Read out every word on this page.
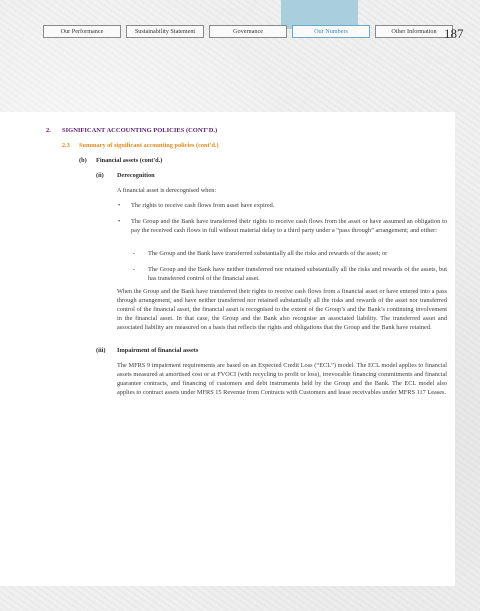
Our Performance	Sustainability Statement	Governance	Our Numbers	Other Information 187
2. SIGNIFICANT ACCOUNTING POLICIES (CONT'D.)
2.3 Summary of significant accounting policies (cont'd.)
(b) Financial assets (cont'd.)
(ii) Derecognition
A financial asset is derecognised when:
• The rights to receive cash flows from asset have expired.
• The Group and the Bank have transferred their rights to receive cash flows from the asset or have assumed an obligation to pay the received cash flows in full without material delay to a third party under a “pass through” arrangement; and either:
- The Group and the Bank have transferred substantially all the risks and rewards of the asset; or
- The Group and the Bank have neither transferred nor retained substantially all the risks and rewards of the assets, but has transferred control of the financial asset.
When the Group and the Bank have transferred their rights to receive cash flows from a financial asset or have entered into a pass through arrangement, and have neither transferred nor retained substantially all the risks and rewards of the asset nor transferred control of the financial asset, the financial asset is recognised to the extent of the Group’s and the Bank’s continuing involvement in the financial asset. In that case, the Group and the Bank also recognise an associated liability. The transferred asset and associated liability are measured on a basis that reflects the rights and obligations that the Group and the Bank have retained.
(iii) Impairment of financial assets
The MFRS 9 impairment requirements are based on an Expected Credit Loss (“ECL”) model. The ECL model applies to financial assets measured at amortised cost or at FVOCI (with recycling to profit or loss), irrevocable financing commitments and financial guarantee contracts, and financing of customers and debt instruments held by the Group and the Bank. The ECL model also applies to contract assets under MFRS 15 Revenue from Contracts with Customers and lease receivables under MFRS 117 Leases.
